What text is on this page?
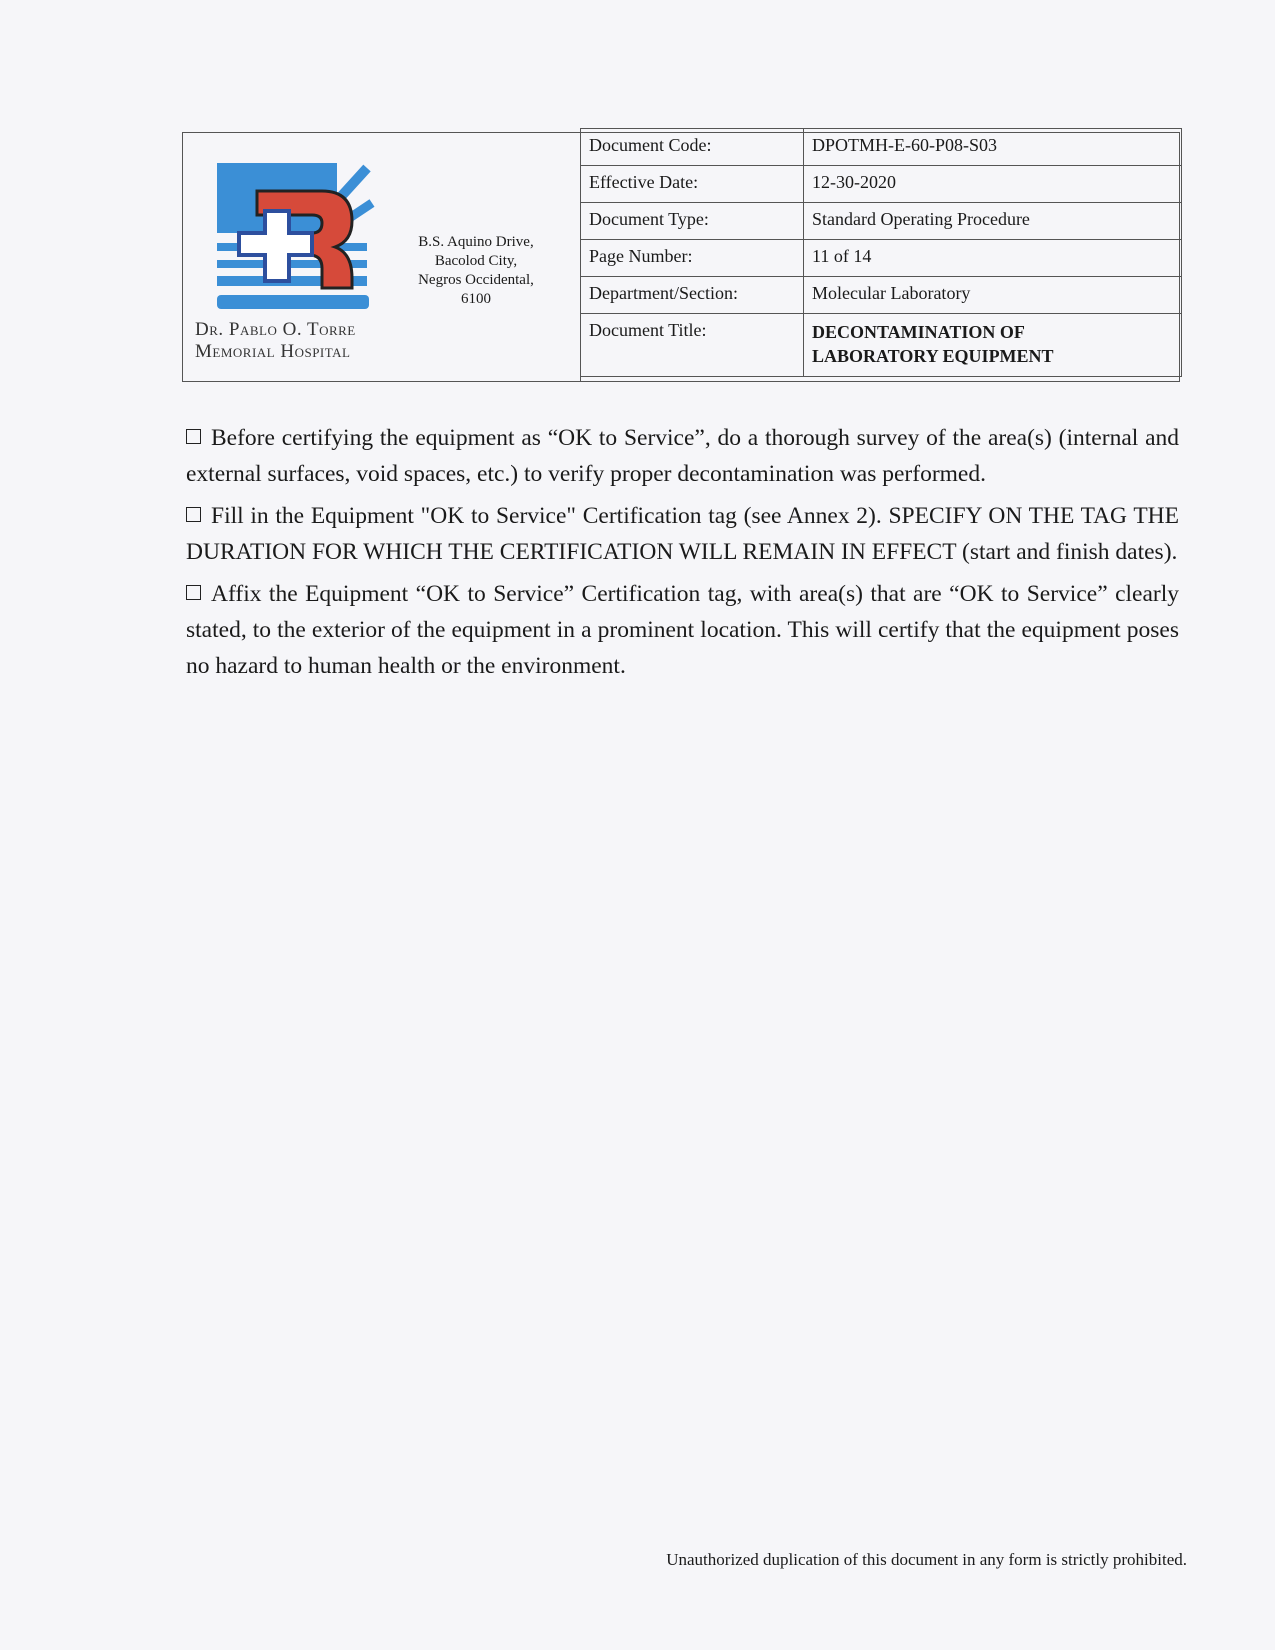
Dr. Pablo O. Torre
Memorial Hospital
B.S. Aquino Drive,
Bacolod City,
Negros Occidental,
6100
Document Code:	DPOTMH-E-60-P08-S03
Effective Date:	12-30-2020
Document Type:	Standard Operating Procedure
Page Number:	11 of 14
Department/Section:	Molecular Laboratory
Document Title:	DECONTAMINATION OF
LABORATORY EQUIPMENT

Before certifying the equipment as “OK to Service”, do a thorough survey of the area(s) (internal and external surfaces, void spaces, etc.) to verify proper decontamination was performed.

Fill in the Equipment "OK to Service" Certification tag (see Annex 2). SPECIFY ON THE TAG THE DURATION FOR WHICH THE CERTIFICATION WILL REMAIN IN EFFECT (start and finish dates).

Affix the Equipment “OK to Service” Certification tag, with area(s) that are “OK to Service” clearly stated, to the exterior of the equipment in a prominent location. This will certify that the equipment poses no hazard to human health or the environment.

Unauthorized duplication of this document in any form is strictly prohibited.
